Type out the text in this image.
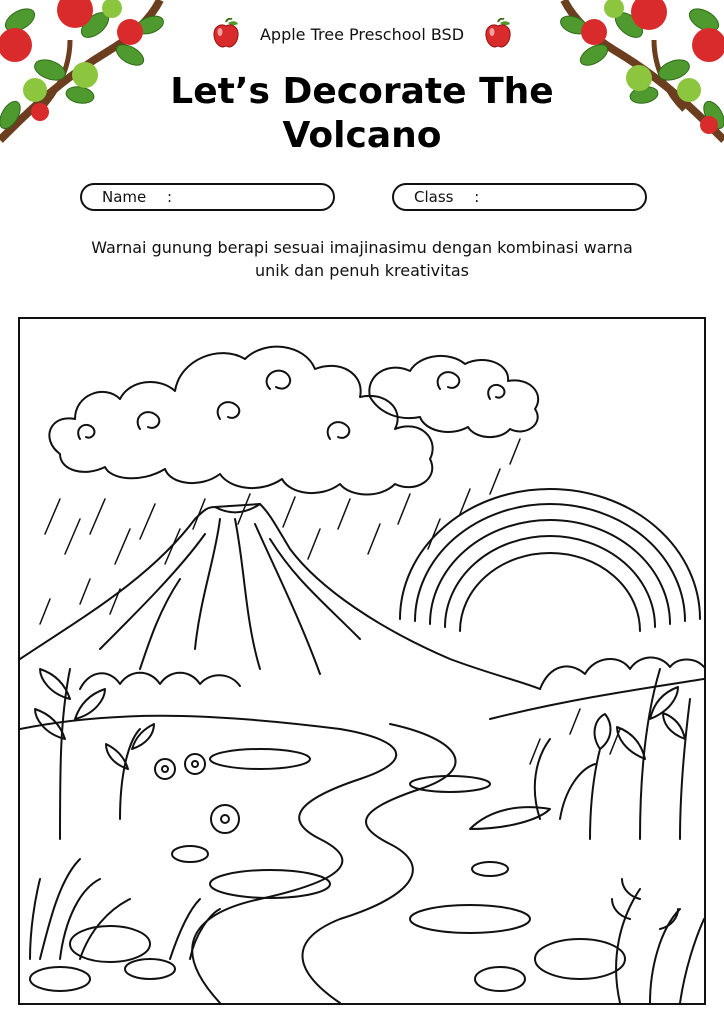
Apple Tree Preschool BSD
Let’s Decorate The
Volcano
Name :	Class :
Warnai gunung berapi sesuai imajinasimu dengan kombinasi warna
unik dan penuh kreativitas
